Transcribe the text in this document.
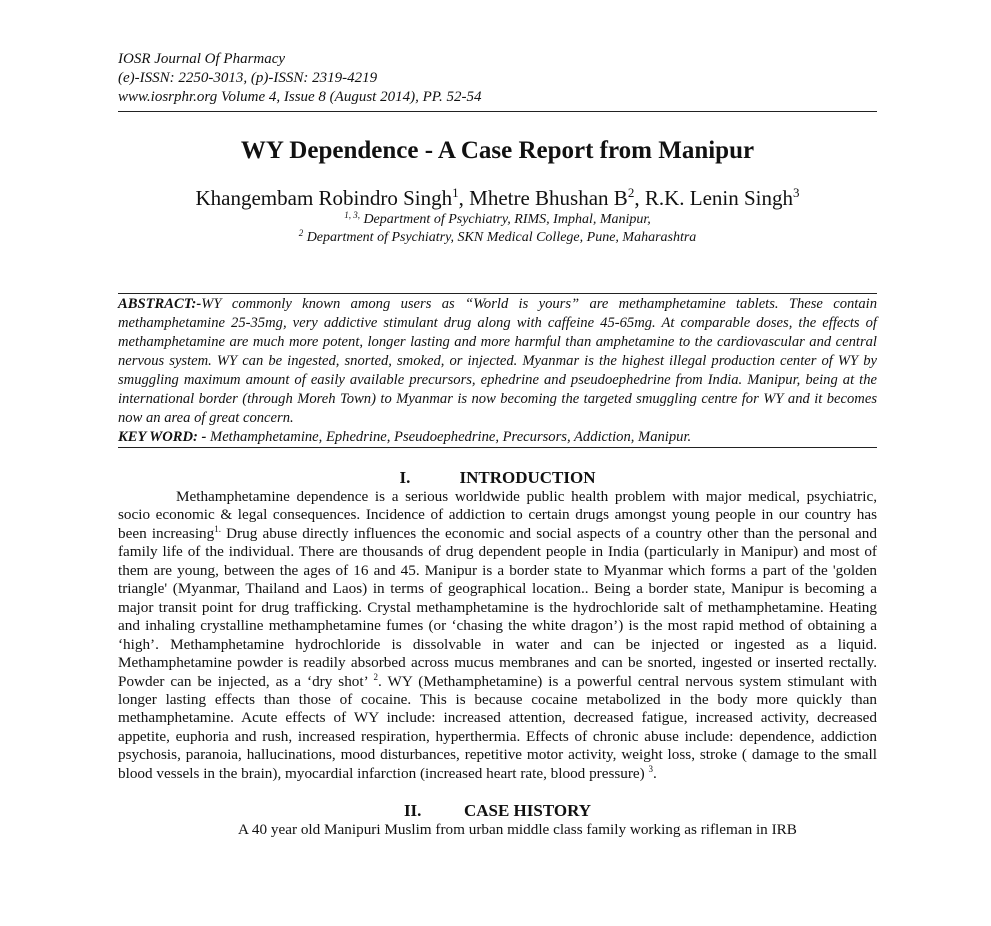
IOSR Journal Of Pharmacy
(e)-ISSN: 2250-3013, (p)-ISSN: 2319-4219
www.iosrphr.org Volume 4, Issue 8 (August 2014), PP. 52-54
WY Dependence - A Case Report from Manipur
Khangembam Robindro Singh$^1$, Mhetre Bhushan $B^2$, R.K. Lenin Singh$^3$
$^{1, 3,}$ Department of Psychiatry, RIMS, Imphal, Manipur,
$^2$ Department of Psychiatry, SKN Medical College, Pune, Maharashtra

ABSTRACT:-WY commonly known among users as “World is yours” are methamphetamine tablets. These contain methamphetamine 25-35mg, very addictive stimulant drug along with caffeine 45-65mg. At comparable doses, the effects of methamphetamine are much more potent, longer lasting and more harmful than amphetamine to the cardiovascular and central nervous system. WY can be ingested, snorted, smoked, or injected. Myanmar is the highest illegal production center of WY by smuggling maximum amount of easily available precursors, ephedrine and pseudoephedrine from India. Manipur, being at the international border (through Moreh Town) to Myanmar is now becoming the targeted smuggling centre for WY and it becomes now an area of great concern.

KEY WORD: - Methamphetamine, Ephedrine, Pseudoephedrine, Precursors, Addiction, Manipur.
I.	INTRODUCTION

Methamphetamine dependence is a serious worldwide public health problem with major medical, psychiatric, socio economic & legal consequences. Incidence of addiction to certain drugs amongst young people in our country has been increasing$^{1.}$ Drug abuse directly influences the economic and social aspects of a country other than the personal and family life of the individual. There are thousands of drug dependent people in India (particularly in Manipur) and most of them are young, between the ages of 16 and 45. Manipur is a border state to Myanmar which forms a part of the 'golden triangle' (Myanmar, Thailand and Laos) in terms of geographical location.. Being a border state, Manipur is becoming a major transit point for drug trafficking. Crystal methamphetamine is the hydrochloride salt of methamphetamine. Heating and inhaling crystalline methamphetamine fumes (or ‘chasing the white dragon’) is the most rapid method of obtaining a ‘high’. Methamphetamine hydrochloride is dissolvable in water and can be injected or ingested as a liquid. Methamphetamine powder is readily absorbed across mucus membranes and can be snorted, ingested or inserted rectally. Powder can be injected, as a ‘dry shot’ $^2$. WY (Methamphetamine) is a powerful central nervous system stimulant with longer lasting effects than those of cocaine. This is because cocaine metabolized in the body more quickly than methamphetamine. Acute effects of WY include: increased attention, decreased fatigue, increased activity, decreased appetite, euphoria and rush, increased respiration, hyperthermia. Effects of chronic abuse include: dependence, addiction psychosis, paranoia, hallucinations, mood disturbances, repetitive motor activity, weight loss, stroke ( damage to the small blood vessels in the brain), myocardial infarction (increased heart rate, blood pressure) $^3$.

II.	CASE HISTORY

A 40 year old Manipuri Muslim from urban middle class family working as rifleman in IRB
